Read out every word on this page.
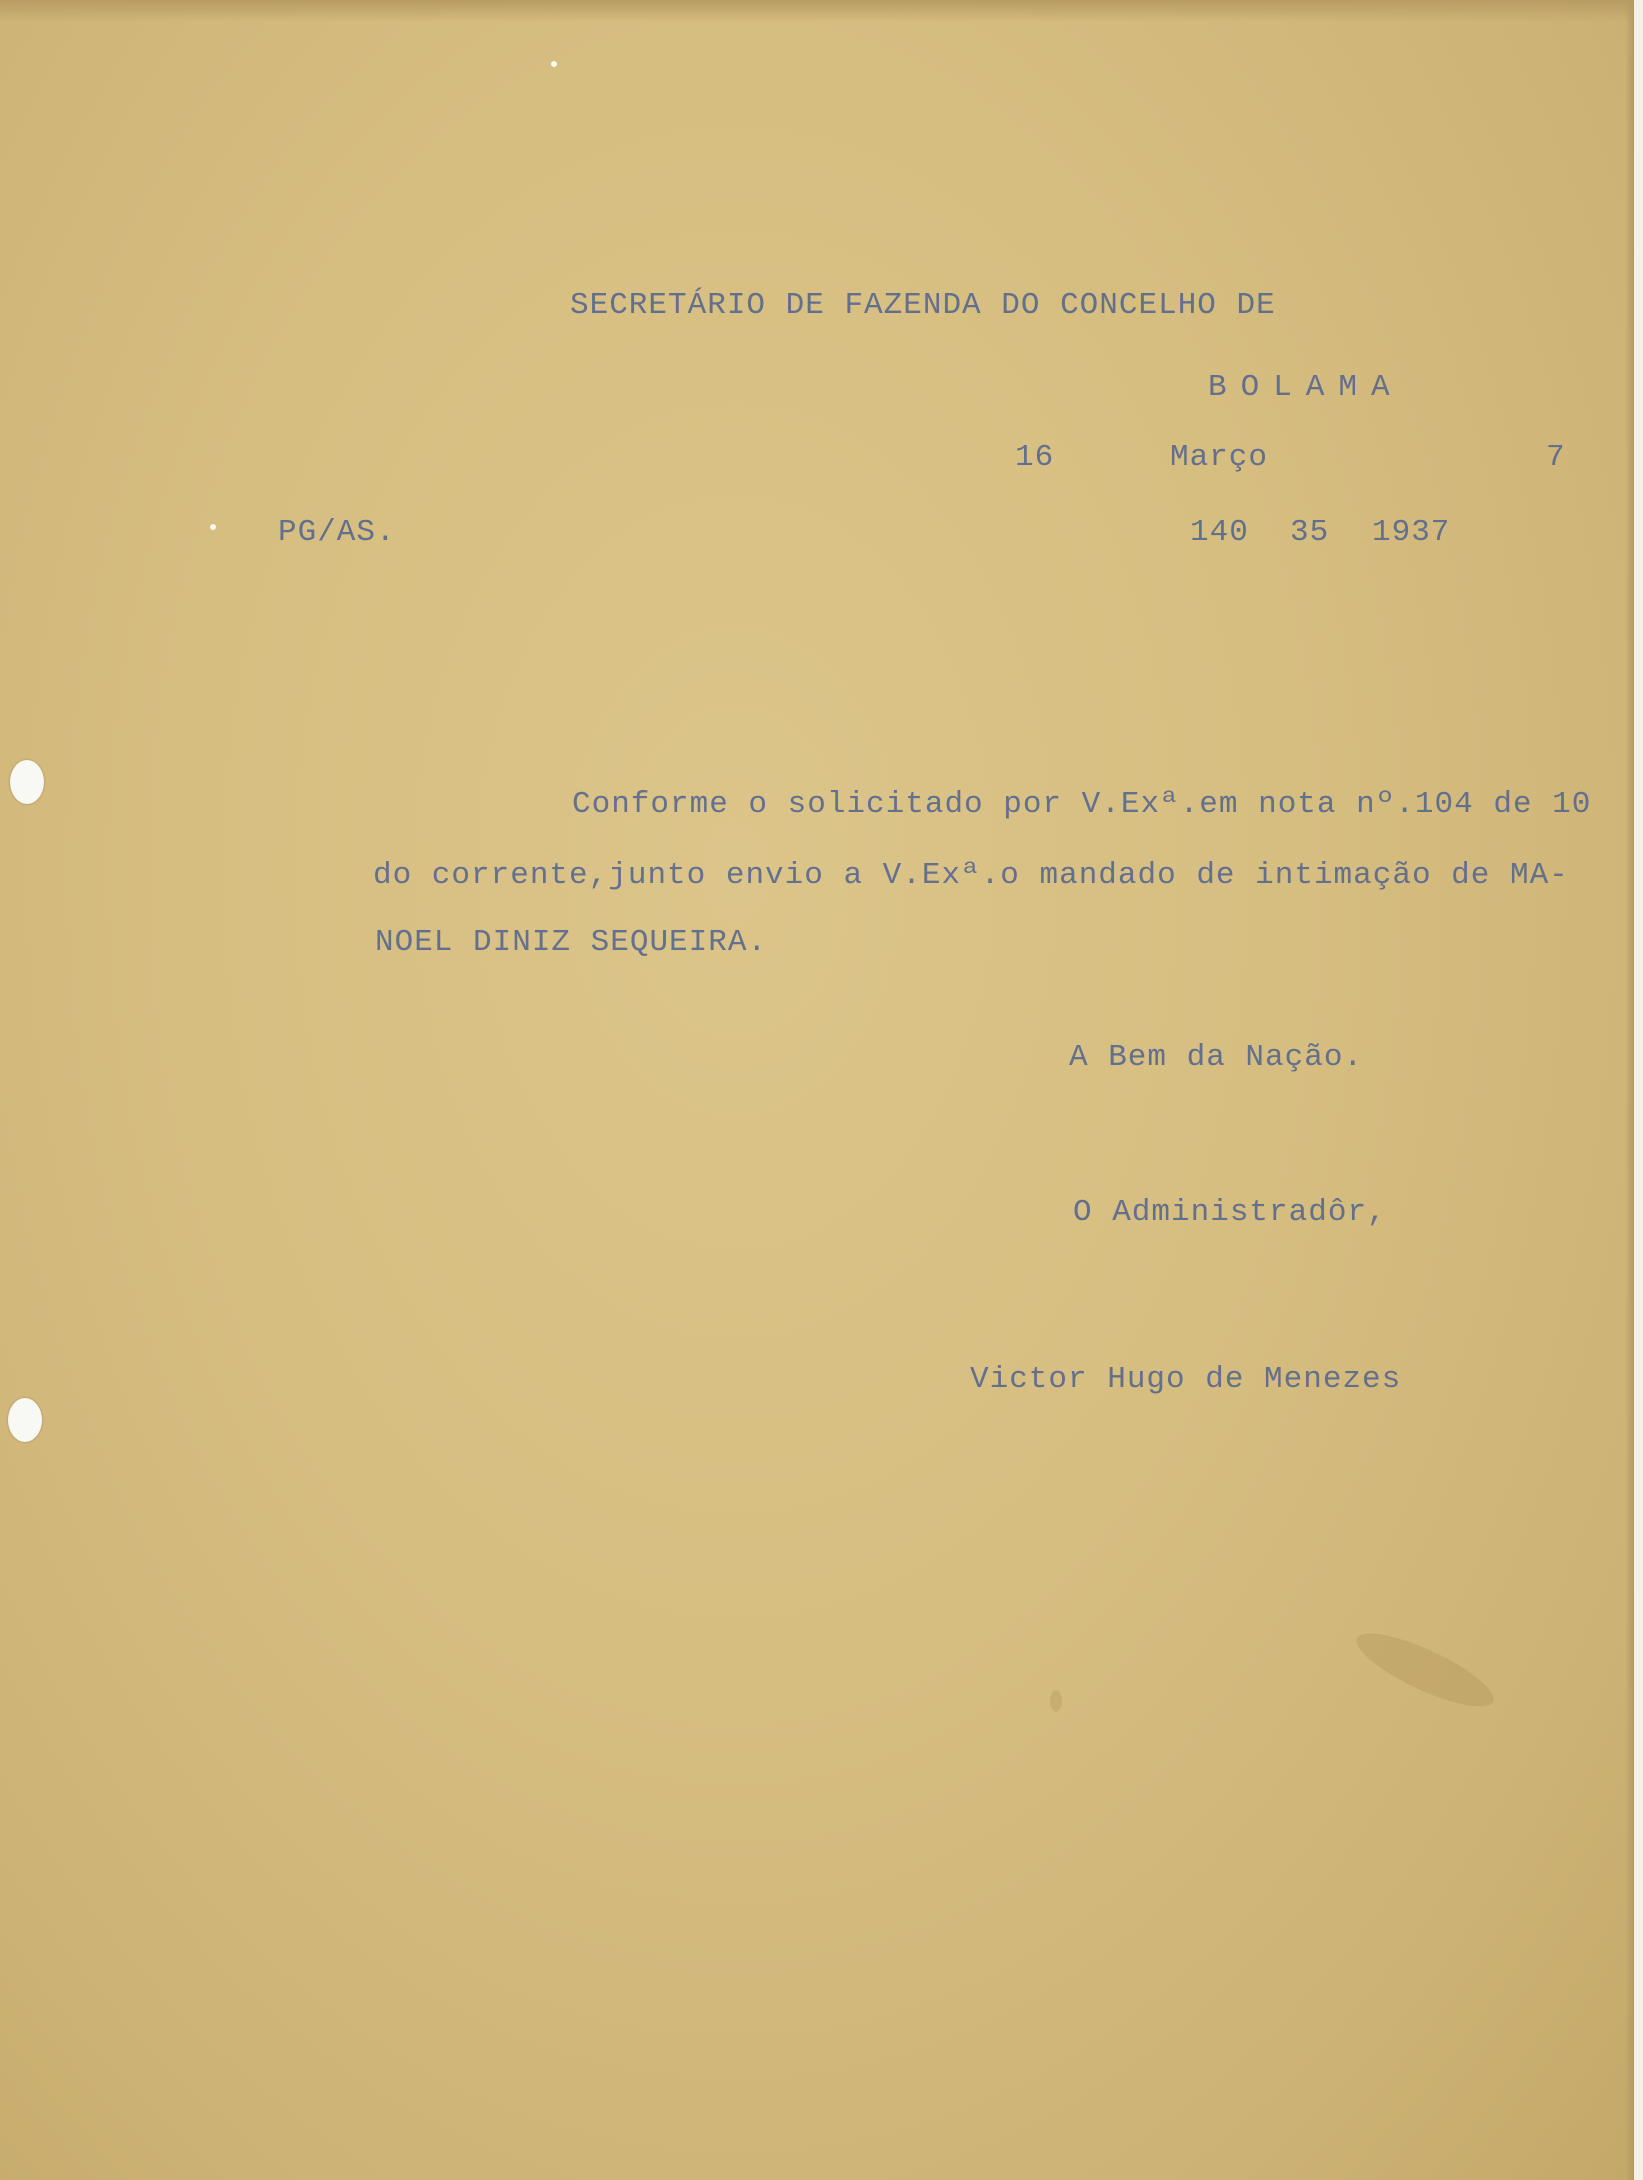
SECRETÁRIO DE FAZENDA DO CONCELHO DE
BOLAMA
16	Março	7
PG/AS.	140 35 1937
Conforme o solicitado por V.Exª.em nota nº.104 de 10
do corrente,junto envio a V.Exª.o mandado de intimação de MA-
NOEL DINIZ SEQUEIRA.
A Bem da Nação.
O Administradôr,
Victor Hugo de Menezes
